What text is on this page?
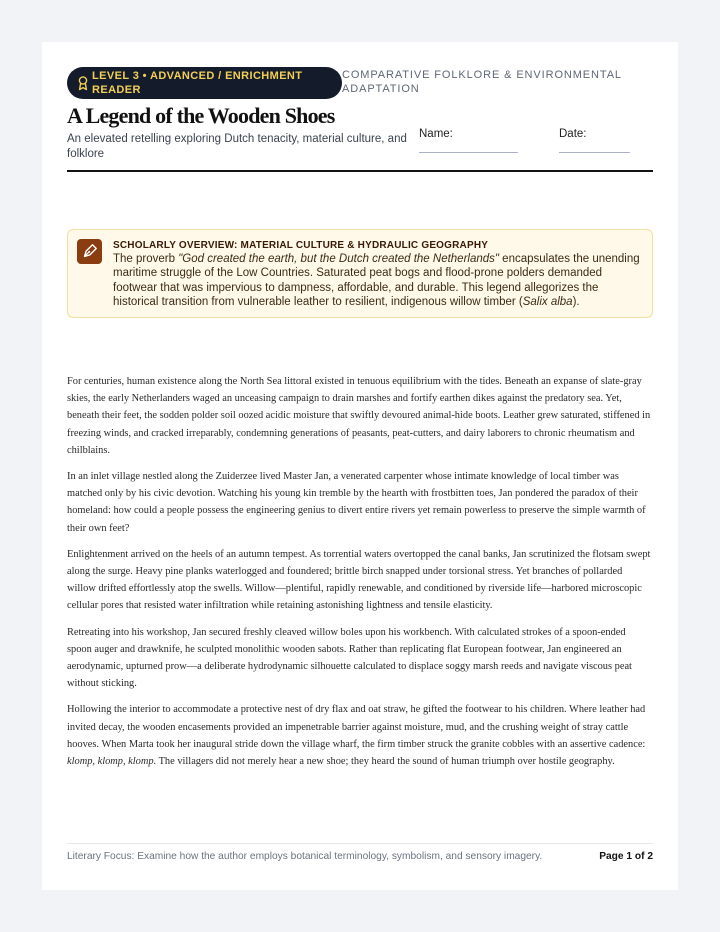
LEVEL 3 • ADVANCED / ENRICHMENT READER
COMPARATIVE FOLKLORE & ENVIRONMENTAL ADAPTATION
A Legend of the Wooden Shoes
An elevated retelling exploring Dutch tenacity, material culture, and folklore
Name:	Date:
SCHOLARLY OVERVIEW: MATERIAL CULTURE & HYDRAULIC GEOGRAPHY
The proverb "God created the earth, but the Dutch created the Netherlands" encapsulates the unending maritime struggle of the Low Countries. Saturated peat bogs and flood-prone polders demanded footwear that was impervious to dampness, affordable, and durable. This legend allegorizes the historical transition from vulnerable leather to resilient, indigenous willow timber (Salix alba).

For centuries, human existence along the North Sea littoral existed in tenuous equilibrium with the tides. Beneath an expanse of slate-gray skies, the early Netherlanders waged an unceasing campaign to drain marshes and fortify earthen dikes against the predatory sea. Yet, beneath their feet, the sodden polder soil oozed acidic moisture that swiftly devoured animal-hide boots. Leather grew saturated, stiffened in freezing winds, and cracked irreparably, condemning generations of peasants, peat-cutters, and dairy laborers to chronic rheumatism and chilblains.

In an inlet village nestled along the Zuiderzee lived Master Jan, a venerated carpenter whose intimate knowledge of local timber was matched only by his civic devotion. Watching his young kin tremble by the hearth with frostbitten toes, Jan pondered the paradox of their homeland: how could a people possess the engineering genius to divert entire rivers yet remain powerless to preserve the simple warmth of their own feet?

Enlightenment arrived on the heels of an autumn tempest. As torrential waters overtopped the canal banks, Jan scrutinized the flotsam swept along the surge. Heavy pine planks waterlogged and foundered; brittle birch snapped under torsional stress. Yet branches of pollarded willow drifted effortlessly atop the swells. Willow—plentiful, rapidly renewable, and conditioned by riverside life—harbored microscopic cellular pores that resisted water infiltration while retaining astonishing lightness and tensile elasticity.

Retreating into his workshop, Jan secured freshly cleaved willow boles upon his workbench. With calculated strokes of a spoon-ended spoon auger and drawknife, he sculpted monolithic wooden sabots. Rather than replicating flat European footwear, Jan engineered an aerodynamic, upturned prow—a deliberate hydrodynamic silhouette calculated to displace soggy marsh reeds and navigate viscous peat without sticking.

Hollowing the interior to accommodate a protective nest of dry flax and oat straw, he gifted the footwear to his children. Where leather had invited decay, the wooden encasements provided an impenetrable barrier against moisture, mud, and the crushing weight of stray cattle hooves. When Marta took her inaugural stride down the village wharf, the firm timber struck the granite cobbles with an assertive cadence: klomp, klomp, klomp. The villagers did not merely hear a new shoe; they heard the sound of human triumph over hostile geography.

Literary Focus: Examine how the author employs botanical terminology, symbolism, and sensory imagery.	Page 1 of 2
